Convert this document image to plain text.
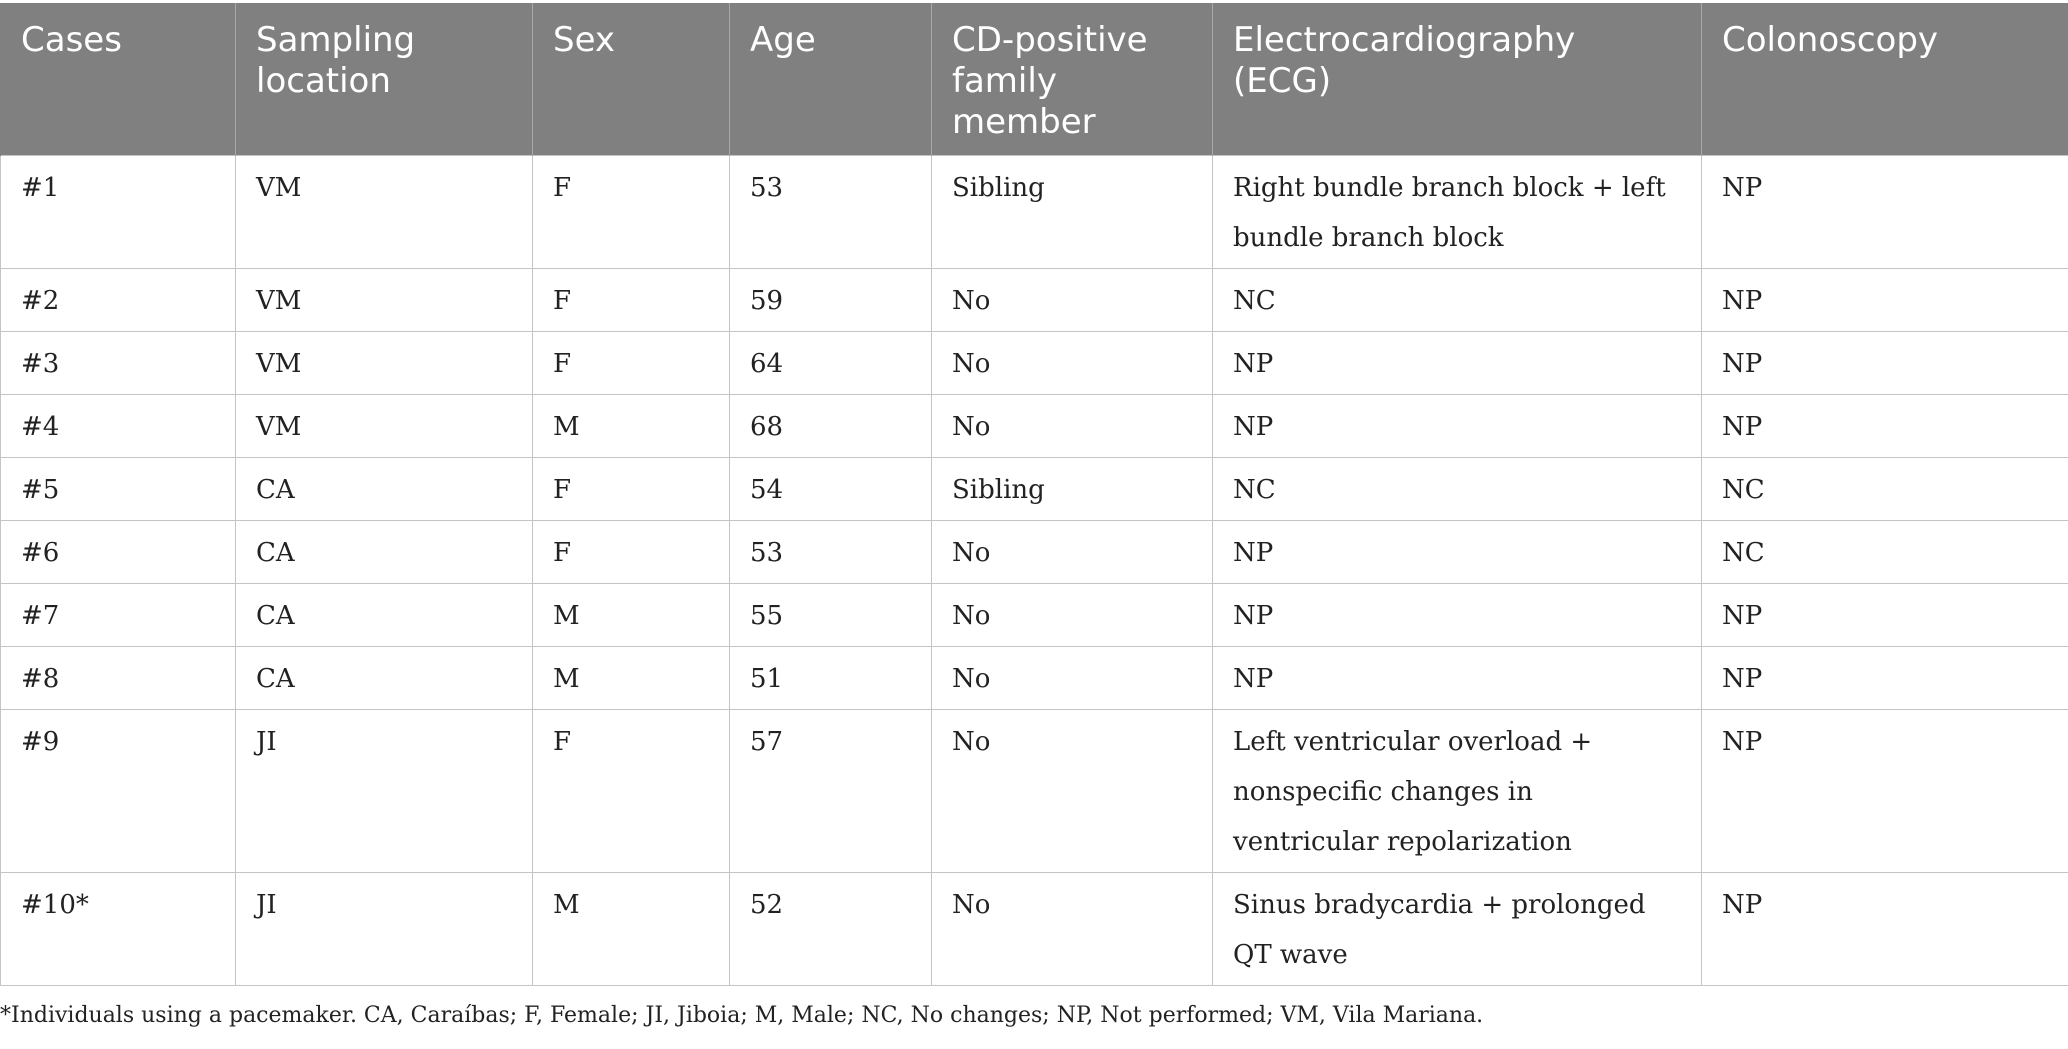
Cases	Sampling location	Sex	Age	CD-positive family member	Electrocardiography (ECG)	Colonoscopy
#1	VM	F	53	Sibling	Right bundle branch block + left bundle branch block	NP
#2	VM	F	59	No	NC	NP
#3	VM	F	64	No	NP	NP
#4	VM	M	68	No	NP	NP
#5	CA	F	54	Sibling	NC	NC
#6	CA	F	53	No	NP	NC
#7	CA	M	55	No	NP	NP
#8	CA	M	51	No	NP	NP
#9	JI	F	57	No	Left ventricular overload + nonspecific changes in ventricular repolarization	NP
#10*	JI	M	52	No	Sinus bradycardia + prolonged QT wave	NP
*Individuals using a pacemaker. CA, Caraíbas; F, Female; JI, Jiboia; M, Male; NC, No changes; NP, Not performed; VM, Vila Mariana.
